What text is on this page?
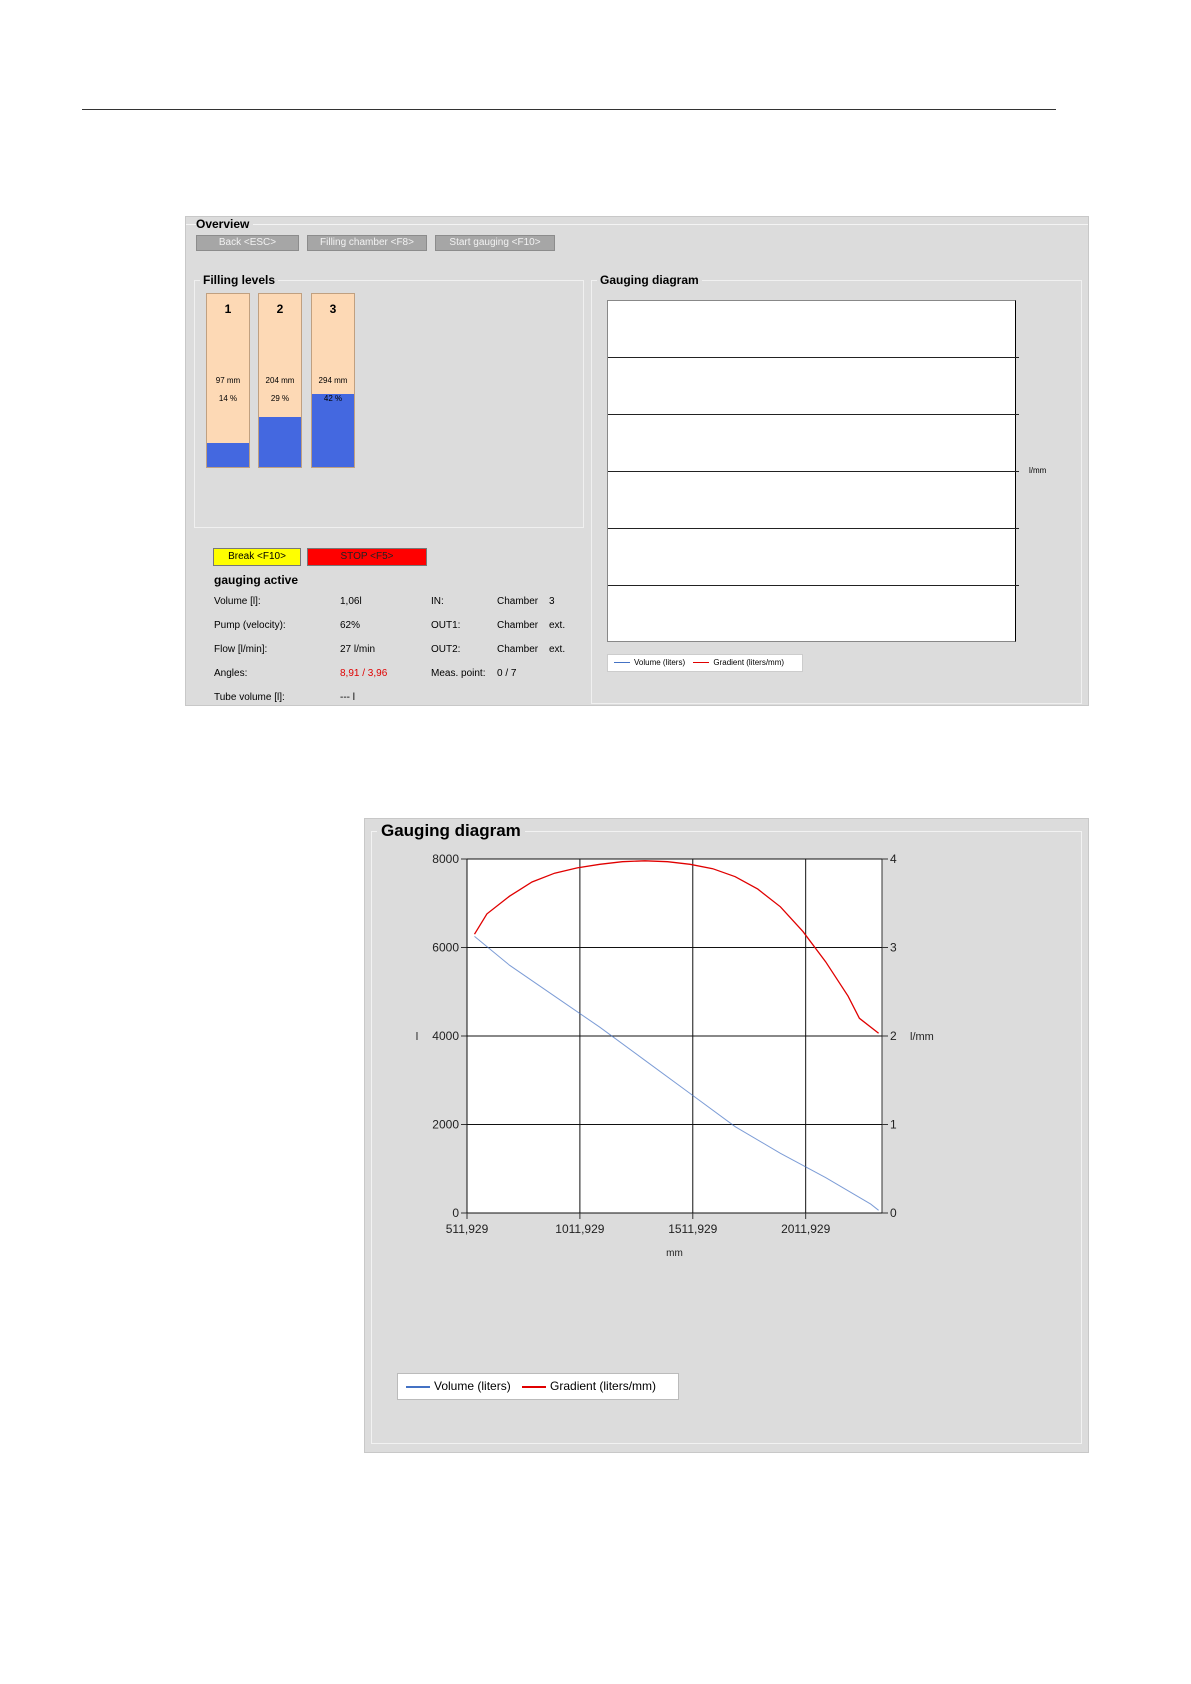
Overview
Back <ESC>	Filling chamber <F8>	Start gauging <F10>
Filling levels
1
97 mm
14 %
2
204 mm
29 %
3
294 mm
42 %
Break <F10>	STOP <F5>
gauging active
Volume [l]:	1,06l	IN:	Chamber 3
Pump (velocity):	62%	OUT1:	Chamber ext.
Flow [l/min]:	27 l/min	OUT2:	Chamber ext.
Angles:	8,91 / 3,96	Meas. point: 0 / 7
Tube volume [l]:	--- l
Gauging diagram
l/mm
Volume (liters)	Gradient (liters/mm)
Gauging diagram
0	0
2000	1
4000	2
6000	3
8000	4
511,929	1011,929	1511,929	2011,929
mm
l	l/mm
Volume (liters)	Gradient (liters/mm)
